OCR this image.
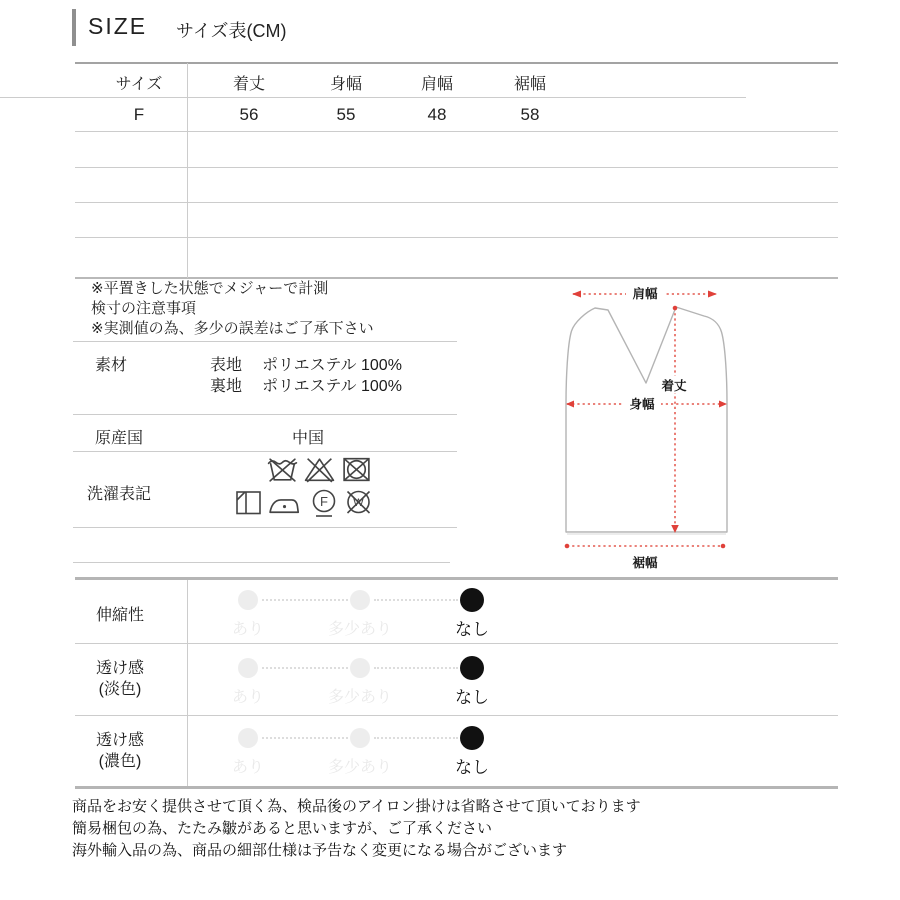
SIZE サイズ表(CM)
サイズ	着丈	身幅	肩幅	裾幅
F	56	55	48	58
※平置きした状態でメジャーで計測
検寸の注意事項
※実測値の為、多少の誤差はご了承下さい
素材	表地 ポリエステル 100%
裏地 ポリエステル 100%
原産国	中国
洗濯表記	F W
肩幅
着丈
身幅
裾幅
伸縮性
あり	多少あり	なし
透け感
(淡色)	あり	多少あり	なし
透け感
(濃色)	あり	多少あり	なし
商品をお安く提供させて頂く為、検品後のアイロン掛けは省略させて頂いております
簡易梱包の為、たたみ皺があると思いますが、ご了承ください
海外輸入品の為、商品の細部仕様は予告なく変更になる場合がございます
